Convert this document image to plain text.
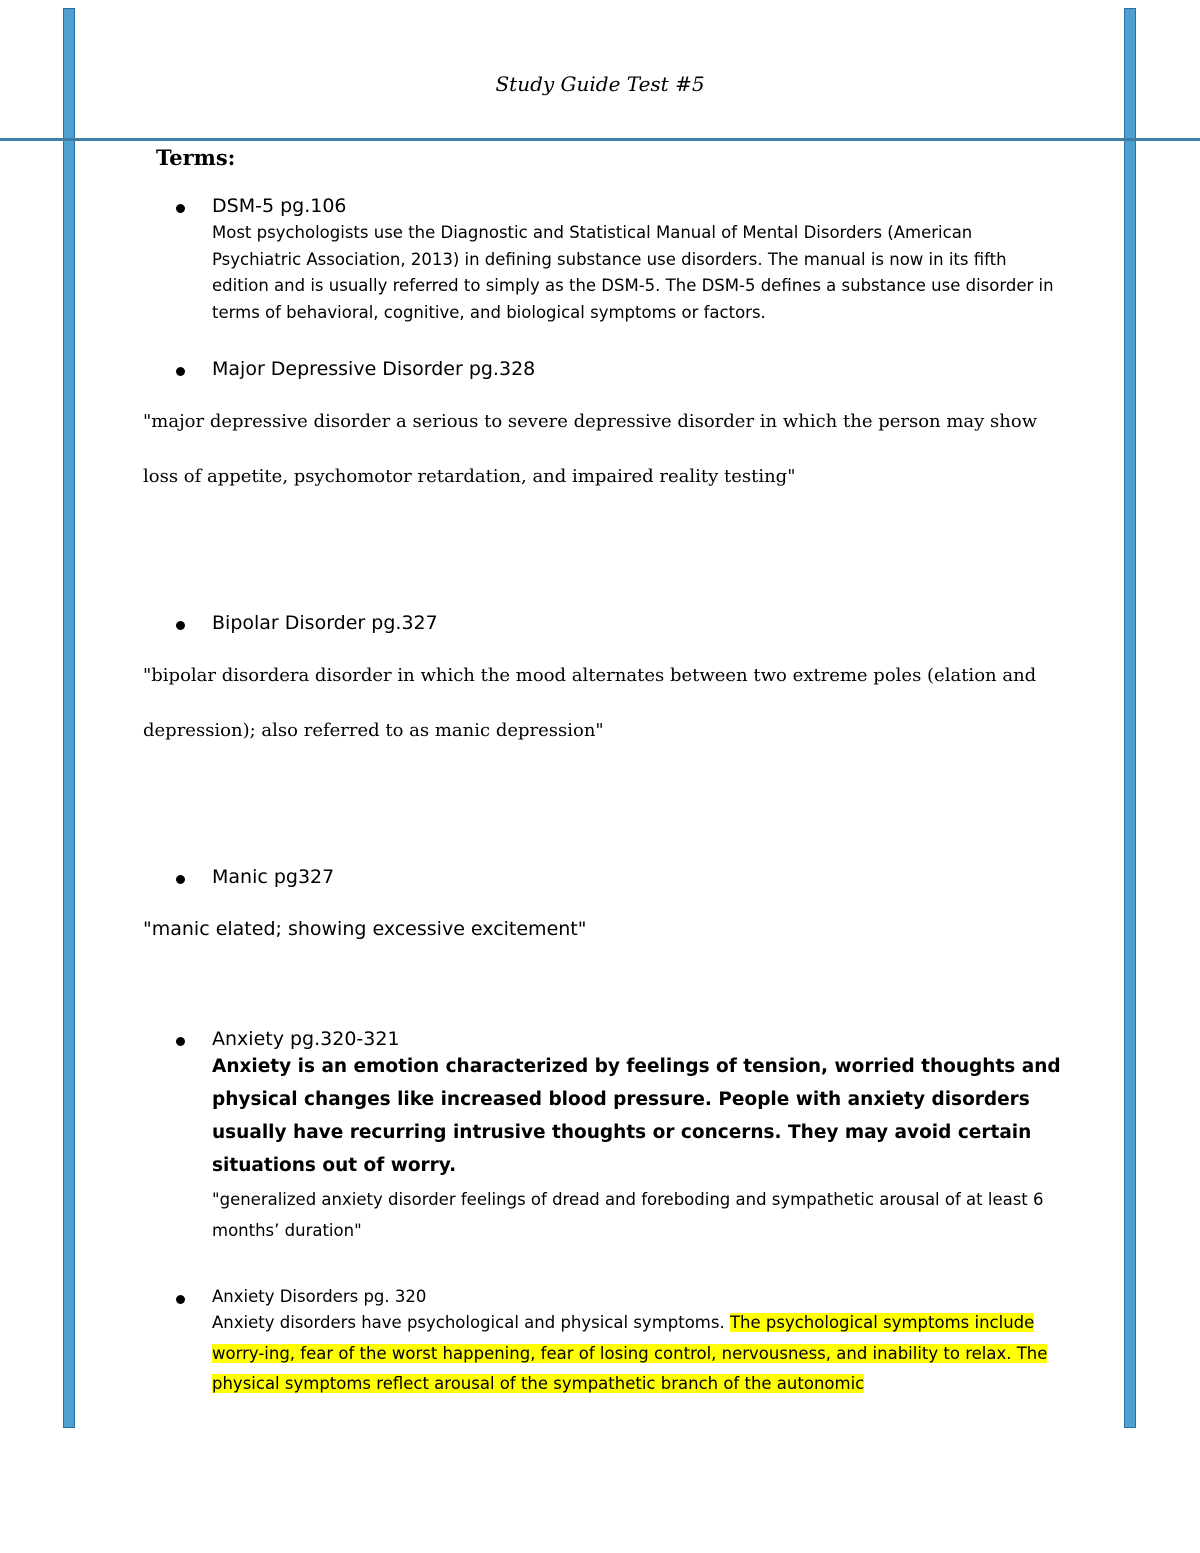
Study Guide Test #5
Terms:
DSM-5 pg.106
Most psychologists use the Diagnostic and Statistical Manual of Mental Disorders (American Psychiatric Association, 2013) in defining substance use disorders. The manual is now in its fifth edition and is usually referred to simply as the DSM-5. The DSM-5 defines a substance use disorder in terms of behavioral, cognitive, and biological symptoms or factors.
Major Depressive Disorder pg.328
"major depressive disorder a serious to severe depressive disorder in which the person may show loss of appetite, psychomotor retardation, and impaired reality testing"
Bipolar Disorder pg.327
"bipolar disordera disorder in which the mood alternates between two extreme poles (elation and depression); also referred to as manic depression"
Manic pg327
"manic elated; showing excessive excitement"
Anxiety pg.320-321
Anxiety is an emotion characterized by feelings of tension, worried thoughts and physical changes like increased blood pressure. People with anxiety disorders usually have recurring intrusive thoughts or concerns. They may avoid certain situations out of worry.
"generalized anxiety disorder feelings of dread and foreboding and sympathetic arousal of at least 6 months’ duration"
Anxiety Disorders pg. 320
Anxiety disorders have psychological and physical symptoms. The psychological symptoms include worry-ing, fear of the worst happening, fear of losing control, nervousness, and inability to relax. The physical symptoms reflect arousal of the sympathetic branch of the autonomic
